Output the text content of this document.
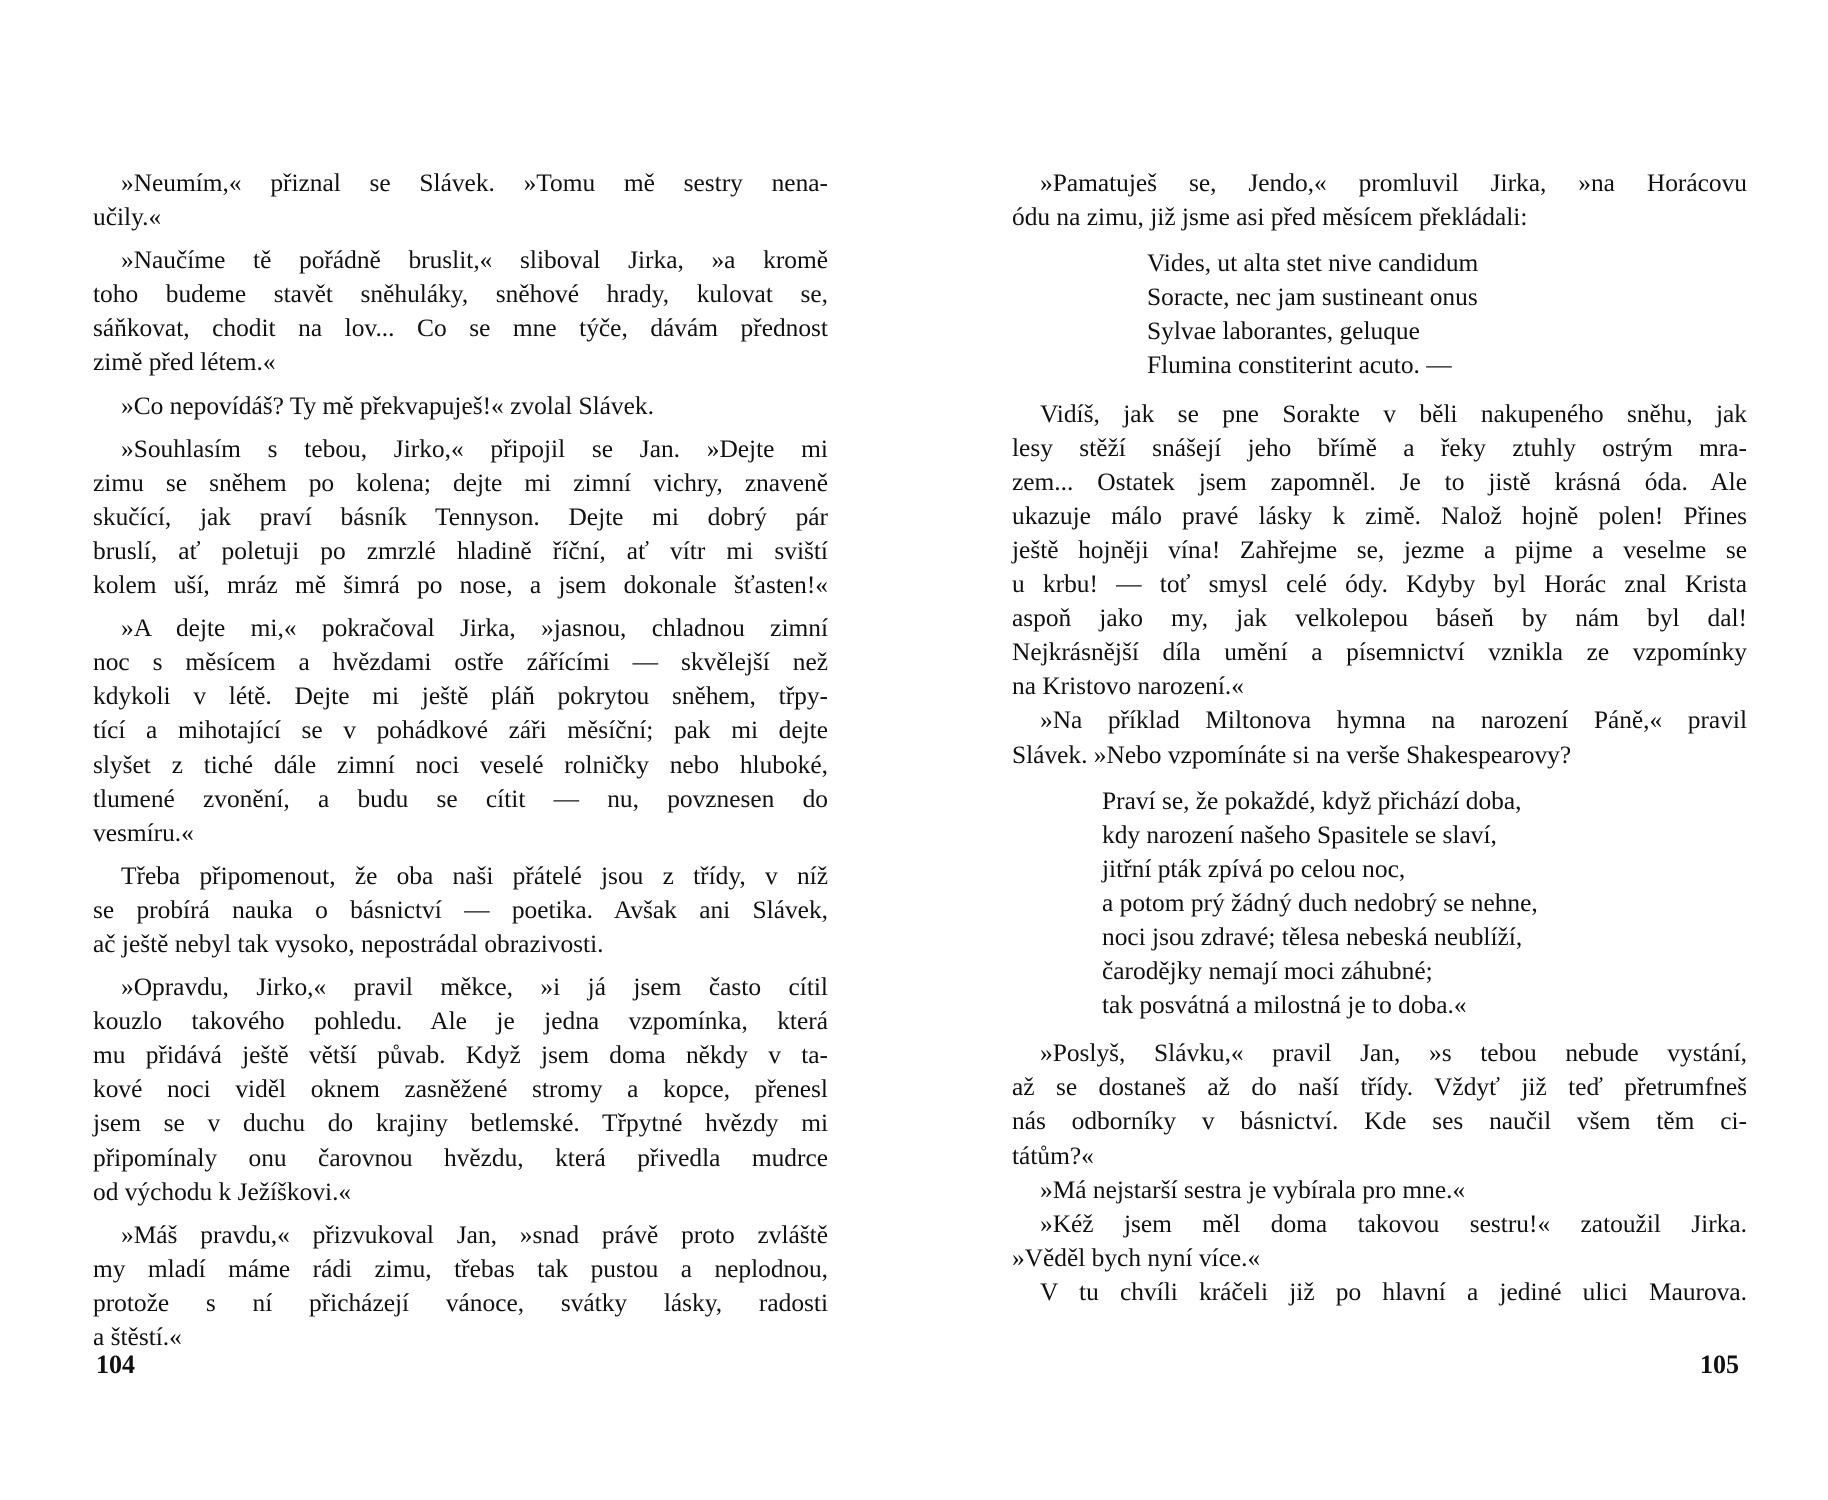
»Neumím,« přiznal se Slávek. »Tomu mě sestry nena-
učily.«
»Naučíme tě pořádně bruslit,« sliboval Jirka, »a kromě
toho budeme stavět sněhuláky, sněhové hrady, kulovat se,
sáňkovat, chodit na lov... Co se mne týče, dávám přednost
zimě před létem.«
»Co nepovídáš? Ty mě překvapuješ!« zvolal Slávek.
»Souhlasím s tebou, Jirko,« připojil se Jan. »Dejte mi
zimu se sněhem po kolena; dejte mi zimní vichry, znaveně
skučící, jak praví básník Tennyson. Dejte mi dobrý pár
bruslí, ať poletuji po zmrzlé hladině říční, ať vítr mi sviští
kolem uší, mráz mě šimrá po nose, a jsem dokonale šťasten!«
»A dejte mi,« pokračoval Jirka, »jasnou, chladnou zimní
noc s měsícem a hvězdami ostře zářícími — skvělejší než
kdykoli v létě. Dejte mi ještě pláň pokrytou sněhem, třpy-
tící a mihotající se v pohádkové záři měsíční; pak mi dejte
slyšet z tiché dále zimní noci veselé rolničky nebo hluboké,
tlumené zvonění, a budu se cítit — nu, povznesen do
vesmíru.«
Třeba připomenout, že oba naši přátelé jsou z třídy, v níž
se probírá nauka o básnictví — poetika. Avšak ani Slávek,
ač ještě nebyl tak vysoko, nepostrádal obrazivosti.
»Opravdu, Jirko,« pravil měkce, »i já jsem často cítil
kouzlo takového pohledu. Ale je jedna vzpomínka, která
mu přidává ještě větší půvab. Když jsem doma někdy v ta-
kové noci viděl oknem zasněžené stromy a kopce, přenesl
jsem se v duchu do krajiny betlemské. Třpytné hvězdy mi
připomínaly onu čarovnou hvězdu, která přivedla mudrce
od východu k Ježíškovi.«
»Máš pravdu,« přizvukoval Jan, »snad právě proto zvláště
my mladí máme rádi zimu, třebas tak pustou a neplodnou,
protože s ní přicházejí vánoce, svátky lásky, radosti
a štěstí.«
104
»Pamatuješ se, Jendo,« promluvil Jirka, »na Horácovu
ódu na zimu, již jsme asi před měsícem překládali:
Vides, ut alta stet nive candidum
Soracte, nec jam sustineant onus
Sylvae laborantes, geluque
Flumina constiterint acuto. —
Vidíš, jak se pne Sorakte v běli nakupeného sněhu, jak
lesy stěží snášejí jeho břímě a řeky ztuhly ostrým mra-
zem... Ostatek jsem zapomněl. Je to jistě krásná óda. Ale
ukazuje málo pravé lásky k zimě. Nalož hojně polen! Přines
ještě hojněji vína! Zahřejme se, jezme a pijme a veselme se
u krbu! — toť smysl celé ódy. Kdyby byl Horác znal Krista
aspoň jako my, jak velkolepou báseň by nám byl dal!
Nejkrásnější díla umění a písemnictví vznikla ze vzpomínky
na Kristovo narození.«
»Na příklad Miltonova hymna na narození Páně,« pravil
Slávek. »Nebo vzpomínáte si na verše Shakespearovy?
Praví se, že pokaždé, když přichází doba,
kdy narození našeho Spasitele se slaví,
jitřní pták zpívá po celou noc,
a potom prý žádný duch nedobrý se nehne,
noci jsou zdravé; tělesa nebeská neublíží,
čarodějky nemají moci záhubné;
tak posvátná a milostná je to doba.«
»Poslyš, Slávku,« pravil Jan, »s tebou nebude vystání,
až se dostaneš až do naší třídy. Vždyť již teď přetrumfneš
nás odborníky v básnictví. Kde ses naučil všem těm ci-
tátům?«
»Má nejstarší sestra je vybírala pro mne.«
»Kéž jsem měl doma takovou sestru!« zatoužil Jirka.
»Věděl bych nyní více.«
V tu chvíli kráčeli již po hlavní a jediné ulici Maurova.
105
